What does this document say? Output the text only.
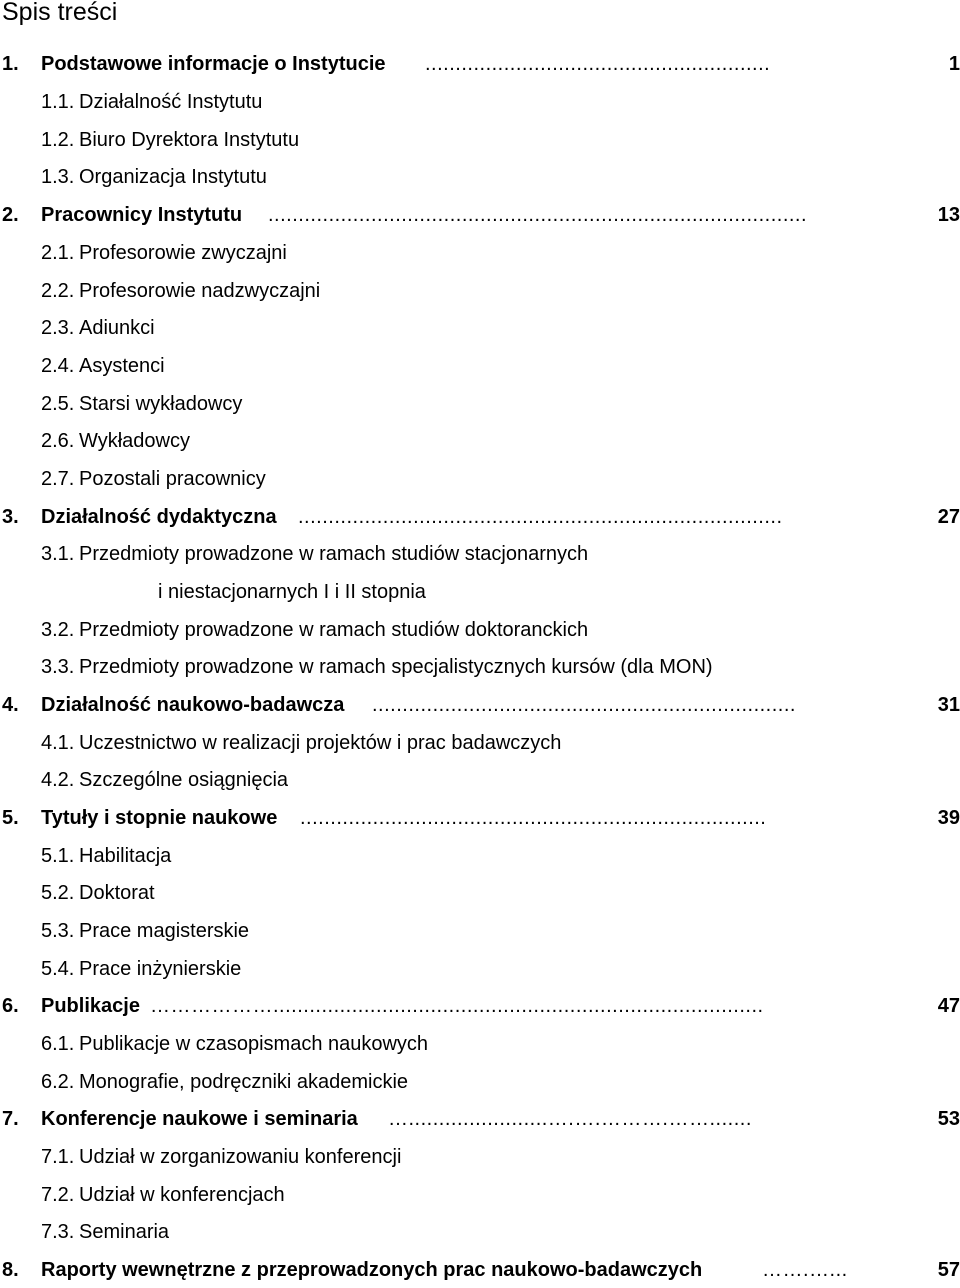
Spis treści
1. Podstawowe informacje o Instytucie .........................................................	1
1.1. Działalność Instytutu
1.2. Biuro Dyrektora Instytutu
1.3. Organizacja Instytutu
2. Pracownicy Instytutu .........................................................................................	13
2.1. Profesorowie zwyczajni
2.2. Profesorowie nadzwyczajni
2.3. Adiunkci
2.4. Asystenci
2.5. Starsi wykładowcy
2.6. Wykładowcy
2.7. Pozostali pracownicy
3. Działalność dydaktyczna ................................................................................	27
3.1. Przedmioty prowadzone w ramach studiów stacjonarnych
i niestacjonarnych I i II stopnia
3.2. Przedmioty prowadzone w ramach studiów doktoranckich
3.3. Przedmioty prowadzone w ramach specjalistycznych kursów (dla MON)
4. Działalność naukowo-badawcza ......................................................................	31
4.1. Uczestnictwo w realizacji projektów i prac badawczych
4.2. Szczególne osiągnięcia
5. Tytuły i stopnie naukowe .............................................................................	39
5.1. Habilitacja
5.2. Doktorat
5.3. Prace magisterskie
5.4. Prace inżynierskie
6. Publikacje ……………….................................................................................	47
6.1. Publikacje w czasopismach naukowych
6.2. Monografie, podręczniki akademickie
7. Konferencje naukowe i seminaria ….......................….….……….…….......	53
7.1. Udział w zorganizowaniu konferencji
7.2. Udział w konferencjach
7.3. Seminaria
8. Raporty wewnętrzne z przeprowadzonych prac naukowo-badawczych	…….…...	57
